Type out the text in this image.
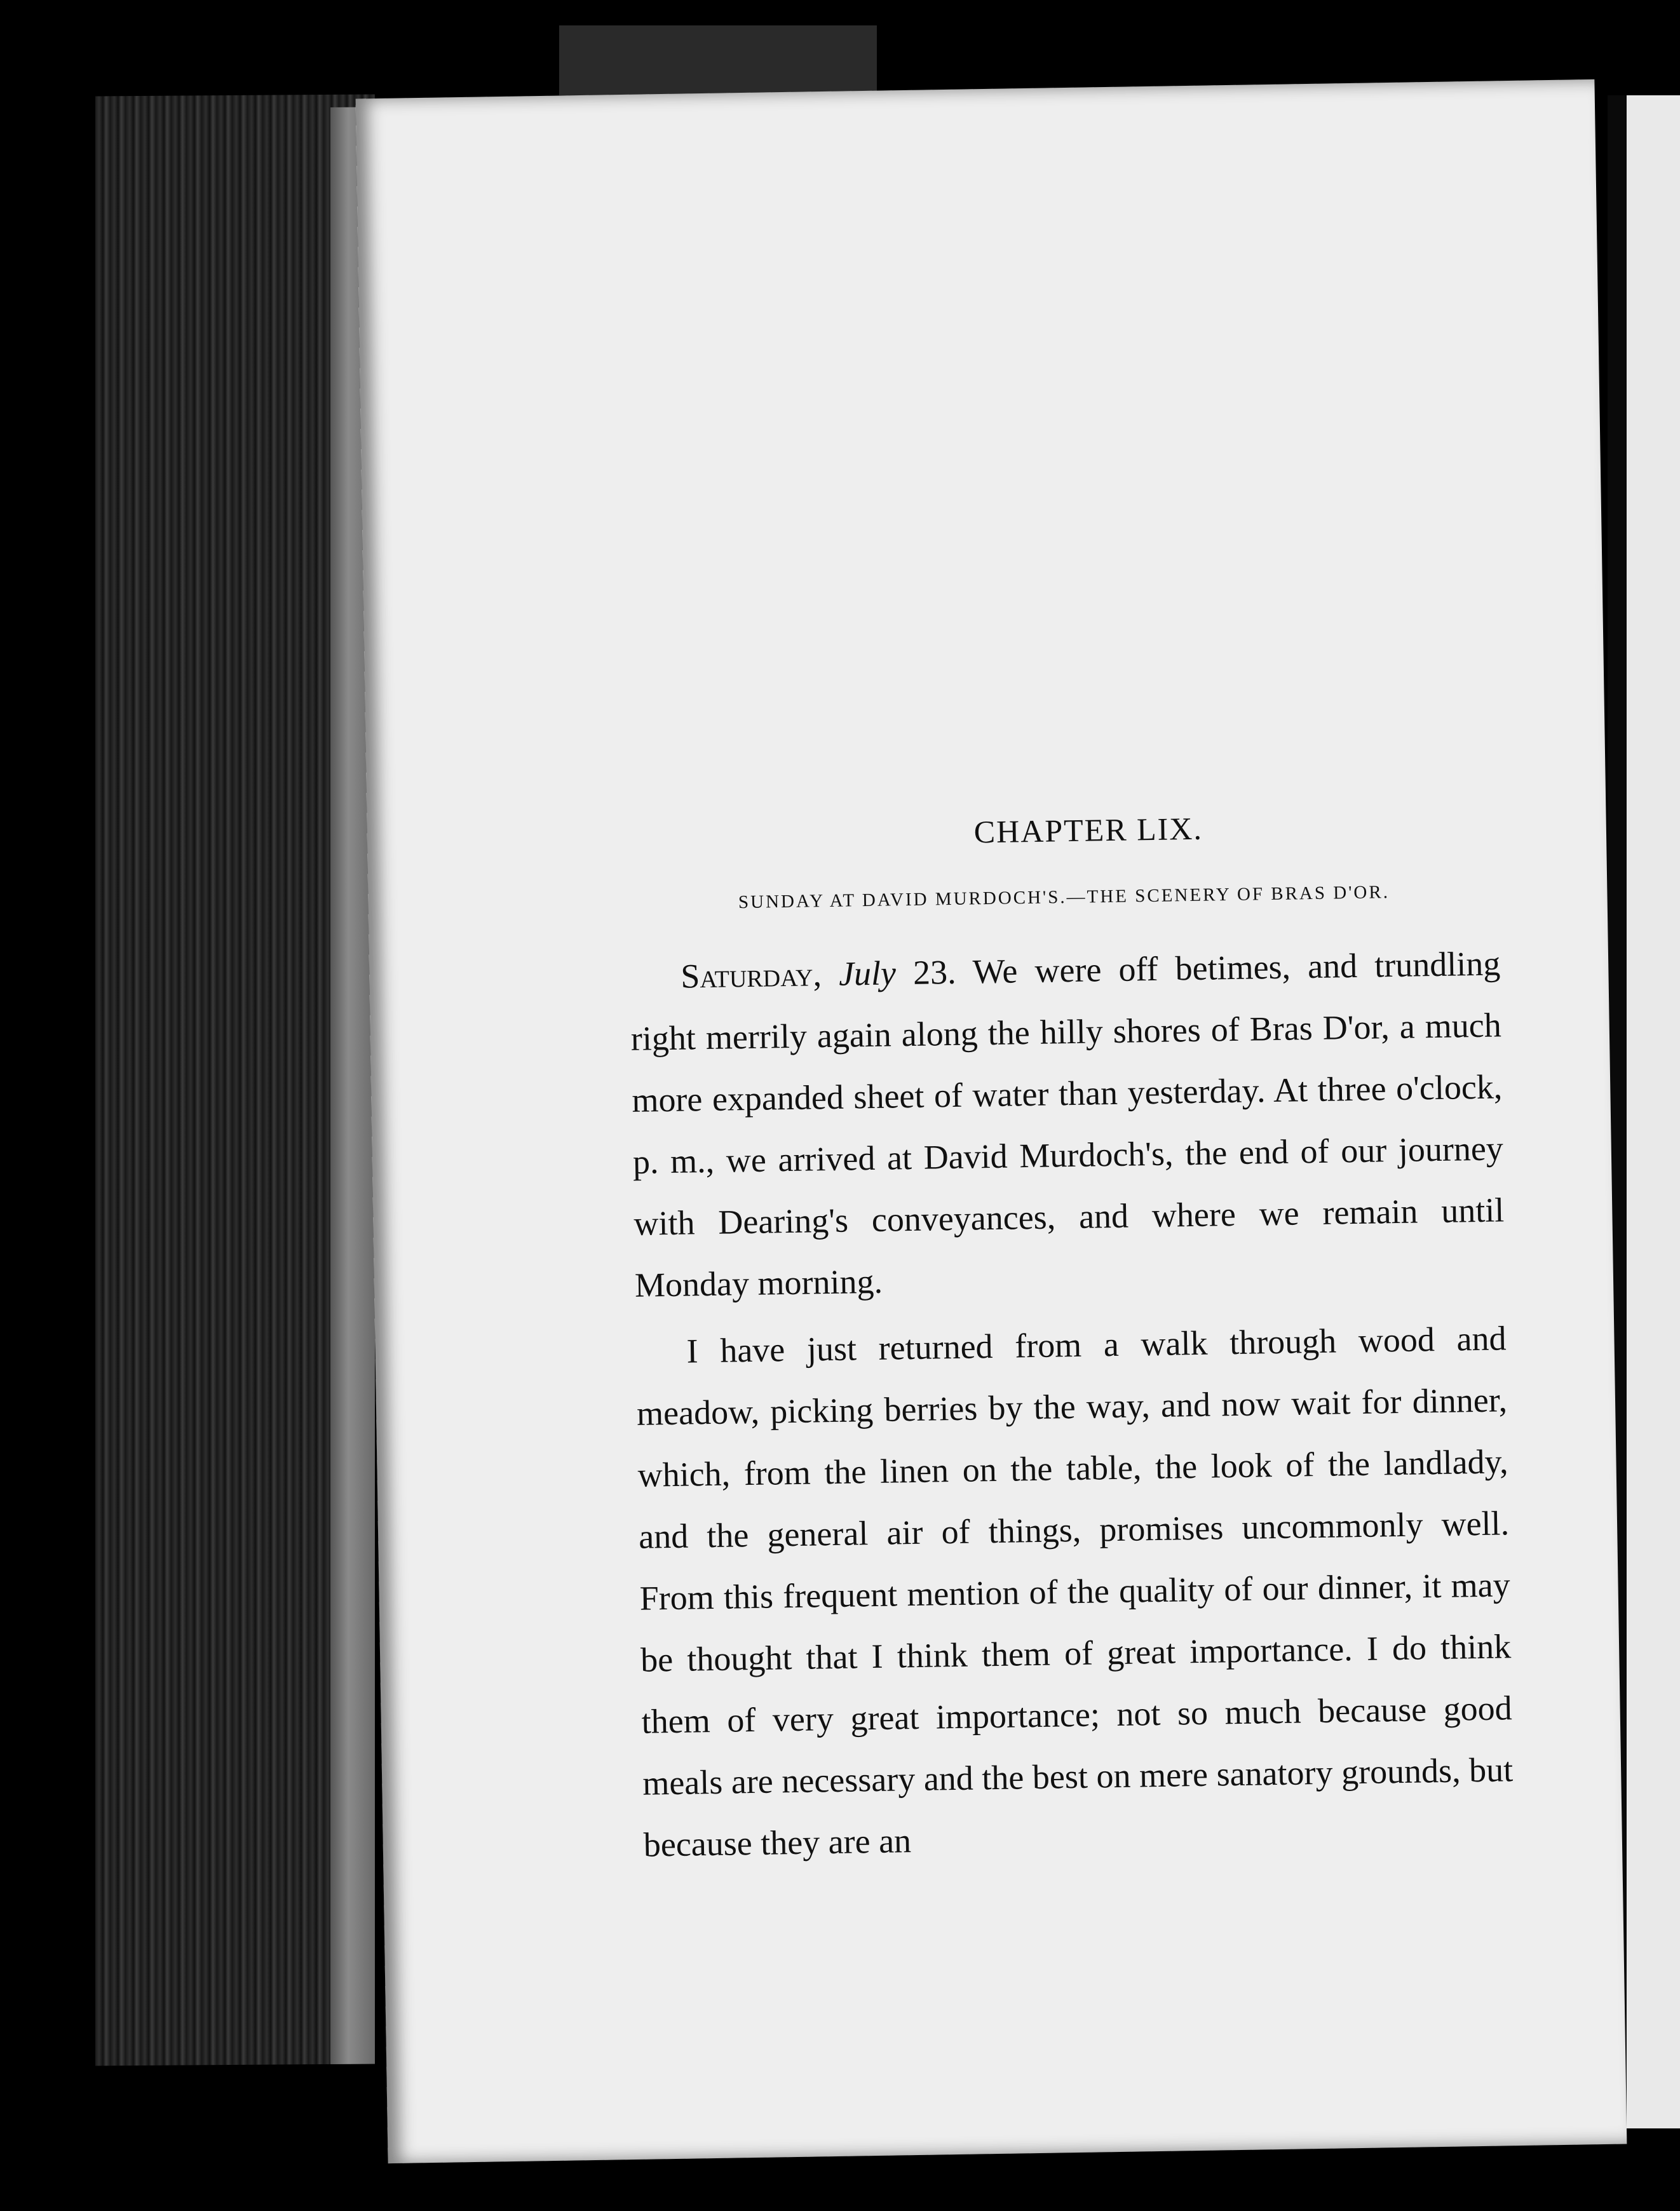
CHAPTER LIX.
SUNDAY AT DAVID MURDOCH'S.—THE SCENERY OF BRAS D'OR.

Saturday, July 23. We were off betimes, and trundling right merrily again along the hilly shores of Bras D'or, a much more expanded sheet of water than yesterday. At three o'clock, p. m., we arrived at David Murdoch's, the end of our journey with Dearing's conveyances, and where we remain until Monday morning.

I have just returned from a walk through wood and meadow, picking berries by the way, and now wait for dinner, which, from the linen on the table, the look of the landlady, and the general air of things, promises uncommonly well. From this frequent mention of the quality of our dinner, it may be thought that I think them of great importance. I do think them of very great importance; not so much because good meals are necessary and the best on mere sanatory grounds, but because they are an
